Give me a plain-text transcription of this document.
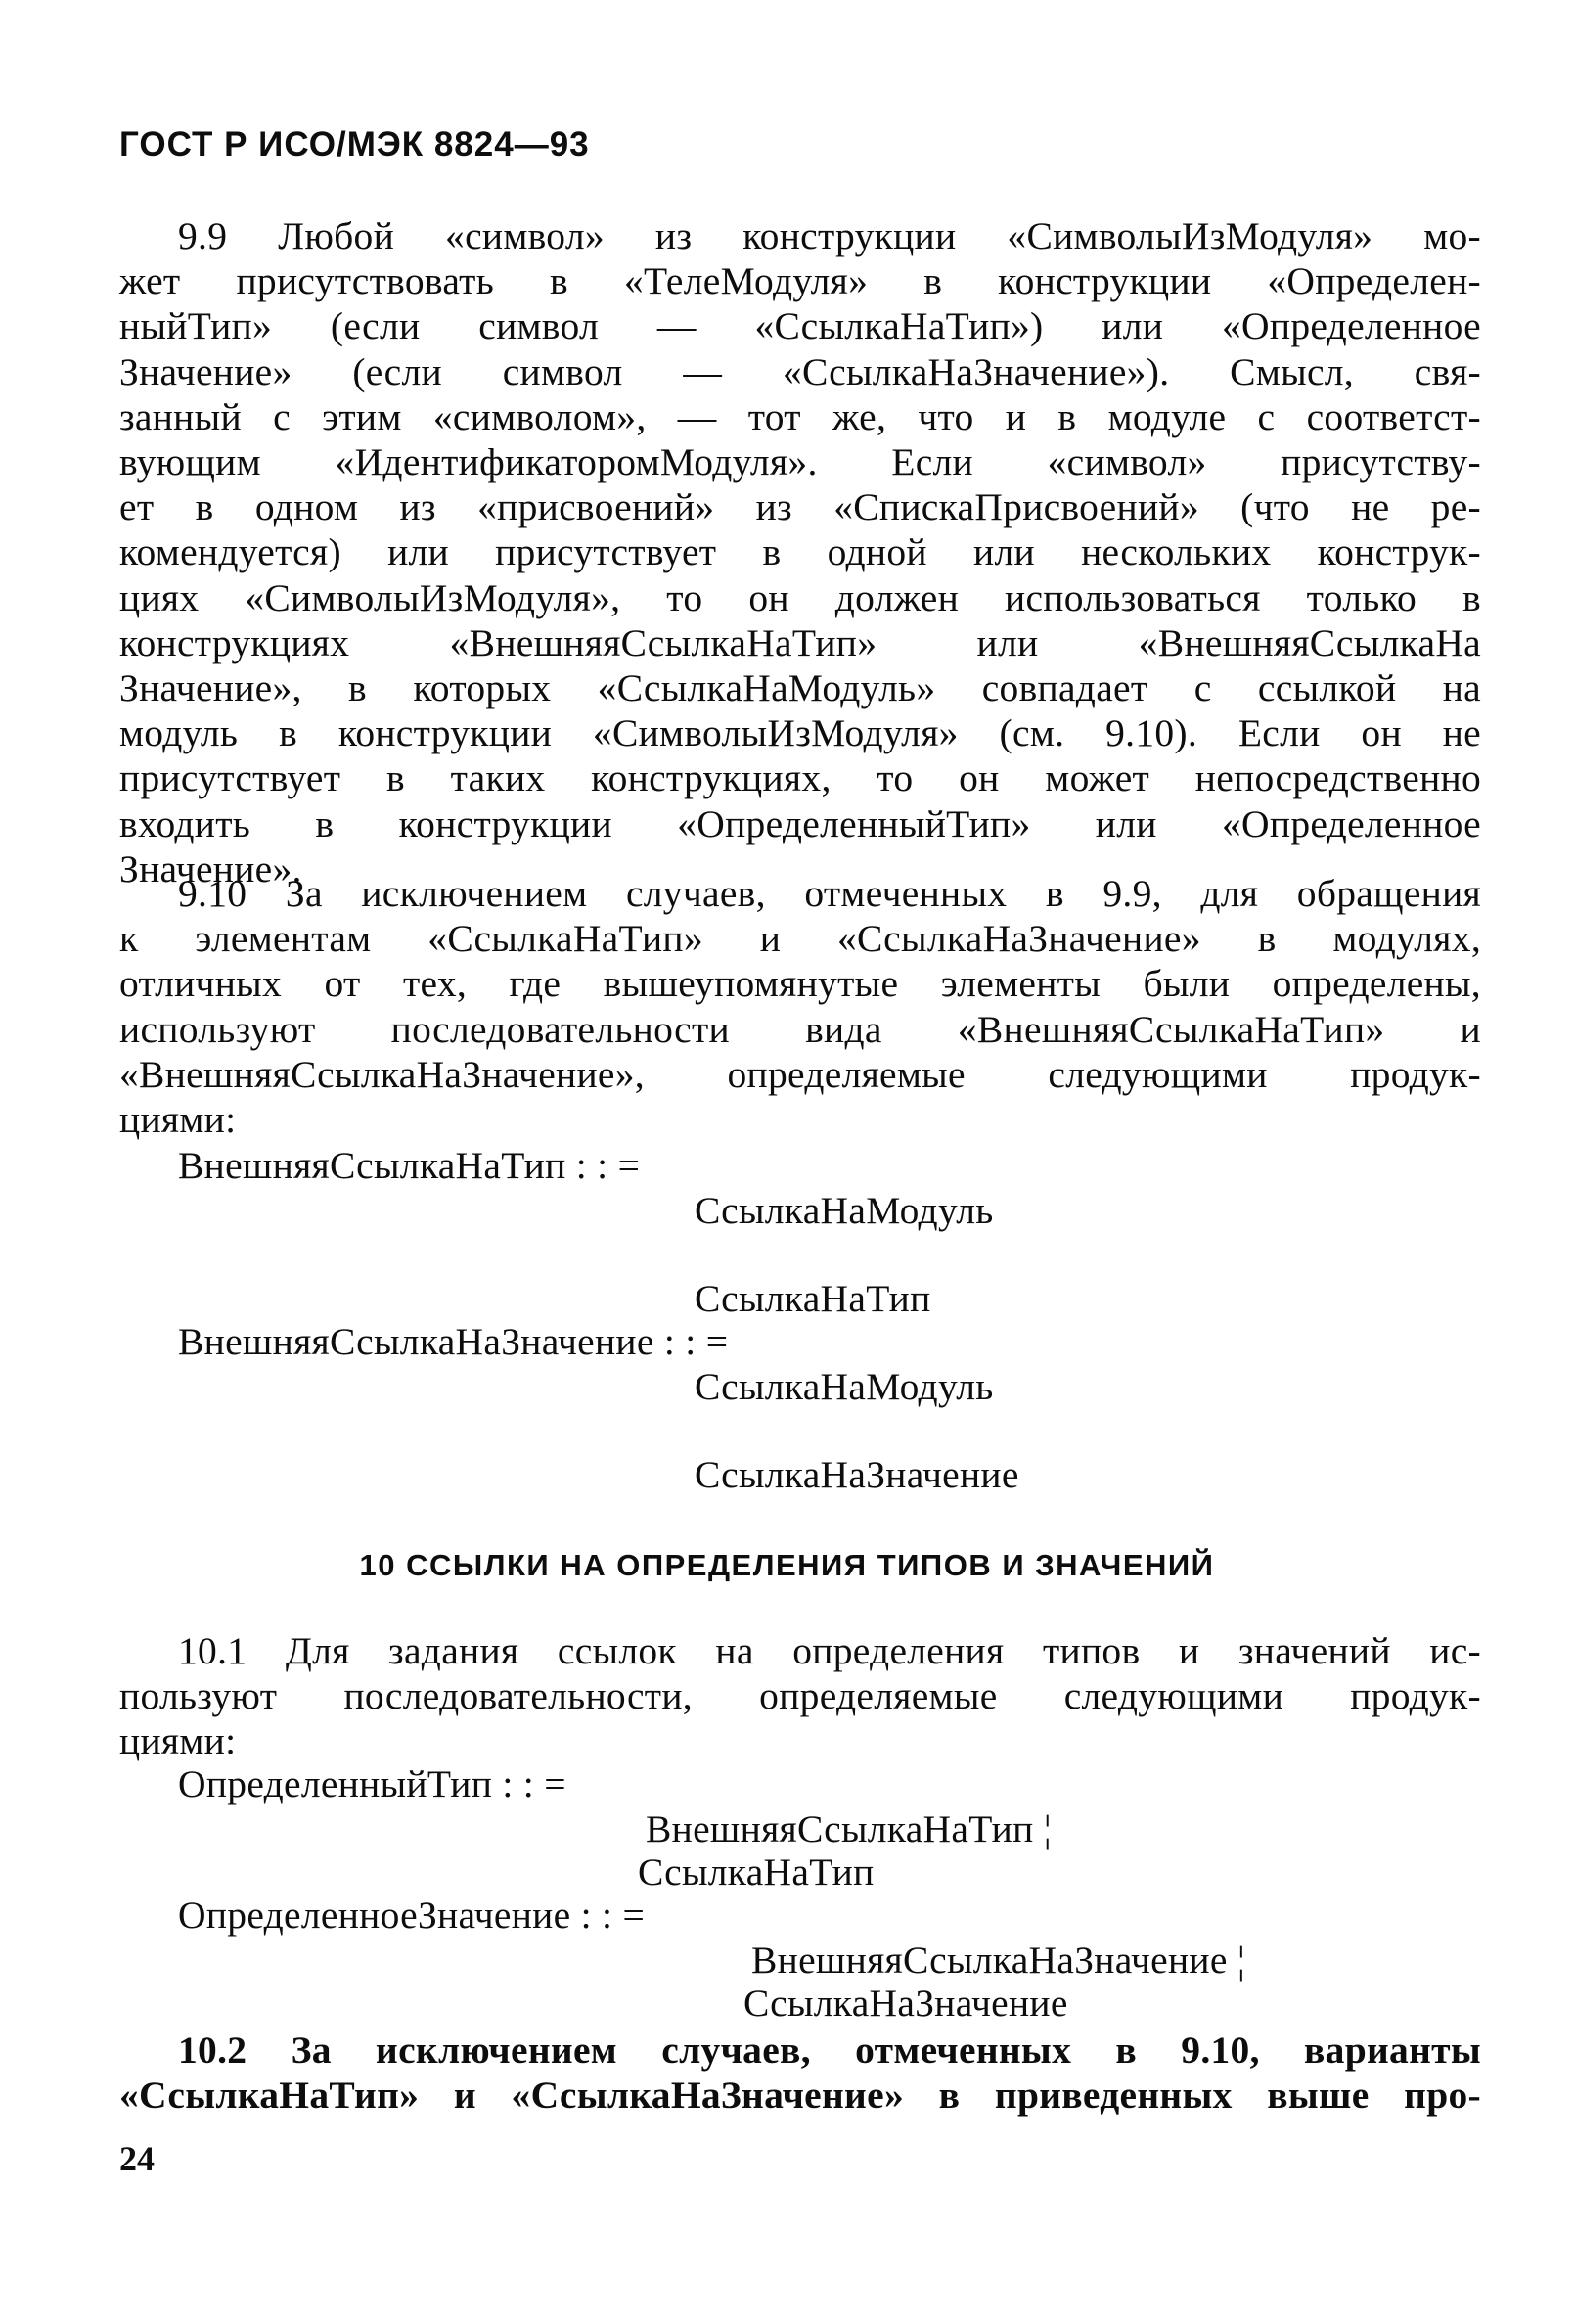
ГОСТ Р ИСО/МЭК 8824—93
9.9 Любой «символ» из конструкции «СимволыИзМодуля» мо-
жет присутствовать в «ТелеМодуля» в конструкции «Определен-
ныйТип» (если символ — «СсылкаНаТип») или «Определенное
Значение» (если символ — «СсылкаНаЗначение»). Смысл, свя-
занный с этим «символом», — тот же, что и в модуле с соответст-
вующим «ИдентификаторомМодуля». Если «символ» присутству-
ет в одном из «присвоений» из «СпискаПрисвоений» (что не ре-
комендуется) или присутствует в одной или нескольких конструк-
циях «СимволыИзМодуля», то он должен использоваться только в
конструкциях «ВнешняяСсылкаНаТип» или «ВнешняяСсылкаНа
Значение», в которых «СсылкаНаМодуль» совпадает с ссылкой на
модуль в конструкции «СимволыИзМодуля» (см. 9.10). Если он не
присутствует в таких конструкциях, то он может непосредственно
входить в конструкции «ОпределенныйТип» или «Определенное
Значение».
9.10 За исключением случаев, отмеченных в 9.9, для обращения
к элементам «СсылкаНаТип» и «СсылкаНаЗначение» в модулях,
отличных от тех, где вышеупомянутые элементы были определены,
используют последовательности вида «ВнешняяСсылкаНаТип» и
«ВнешняяСсылкаНаЗначение», определяемые следующими продук-
циями:
ВнешняяСсылкаНаТип : : =
СсылкаНаМодуль
СсылкаНаТип
ВнешняяСсылкаНаЗначение : : =
СсылкаНаМодуль
СсылкаНаЗначение
10 ССЫЛКИ НА ОПРЕДЕЛЕНИЯ ТИПОВ И ЗНАЧЕНИЙ
10.1 Для задания ссылок на определения типов и значений ис-
пользуют последовательности, определяемые следующими продук-
циями:
ОпределенныйТип : : =
ВнешняяСсылкаНаТип ¦
СсылкаНаТип
ОпределенноеЗначение : : =
ВнешняяСсылкаНаЗначение ¦
СсылкаНаЗначение
10.2 За исключением случаев, отмеченных в 9.10, варианты
«СсылкаНаТип» и «СсылкаНаЗначение» в приведенных выше про-
24
